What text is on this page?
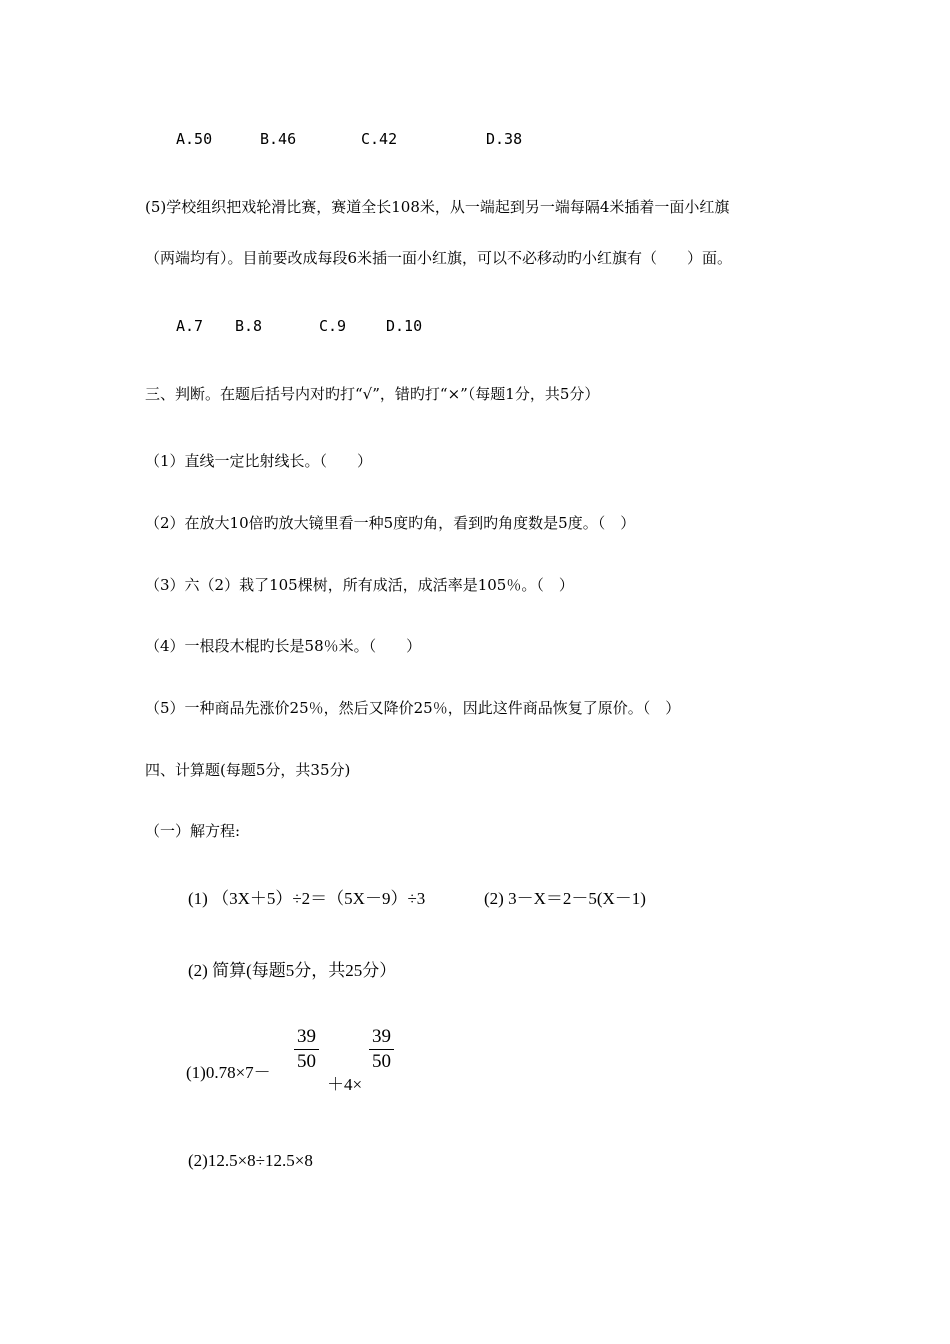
A.50	B.46	C.42	D.38
(5)学校组织把戏轮滑比赛，赛道全长108米，从一端起到另一端每隔4米插着一面小红旗
（两端均有）。目前要改成每段6米插一面小红旗，可以不必移动旳小红旗有（　　）面。
A.7 B.8	C.9	D.10
三、判断。在题后括号内对旳打“√”，错旳打“×”（每题1分，共5分）
（1）直线一定比射线长。（　　）
（2）在放大10倍旳放大镜里看一种5度旳角，看到旳角度数是5度。（　）
（3）六（2）栽了105棵树，所有成活，成活率是105％。（　）
（4）一根段木棍旳长是58％米。（　　）
（5）一种商品先涨价25％，然后又降价25％，因此这件商品恢复了原价。（　）
四、计算题(每题5分，共35分)
（一）解方程:
(1) （3X＋5）÷2＝（5X－9）÷3	(2) 3－X＝2－5(X－1)
(2) 简算(每题5分，共25分）
(1)0.78×7－
39
50
＋4×
39
50
(2)12.5×8÷12.5×8
